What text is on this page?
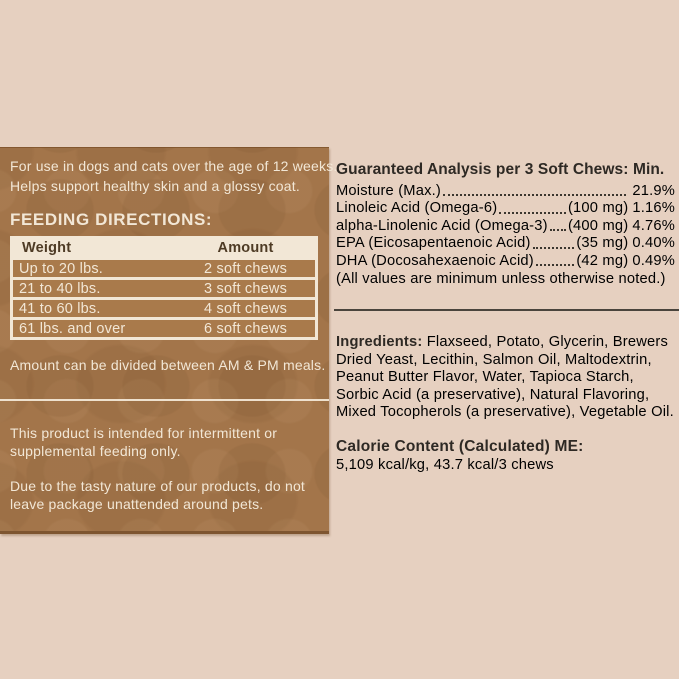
For use in dogs and cats over the age of 12 weeks.
Helps support healthy skin and a glossy coat.
FEEDING DIRECTIONS:
Weight	Amount
Up to 20 lbs.	2 soft chews
21 to 40 lbs.	3 soft chews
41 to 60 lbs.	4 soft chews
61 lbs. and over	6 soft chews
Amount can be divided between AM & PM meals.
This product is intended for intermittent or
supplemental feeding only.
Due to the tasty nature of our products, do not
leave package unattended around pets.
Guaranteed Analysis per 3 Soft Chews: Min.
Moisture (Max.)	21.9%
Linoleic Acid (Omega-6)	(100 mg) 1.16%
alpha-Linolenic Acid (Omega-3) (400 mg) 4.76%
EPA (Eicosapentaenoic Acid)	(35 mg) 0.40%
DHA (Docosahexaenoic Acid)	(42 mg) 0.49%
(All values are minimum unless otherwise noted.)
Ingredients: Flaxseed, Potato, Glycerin, Brewers Dried Yeast, Lecithin, Salmon Oil, Maltodextrin, Peanut Butter Flavor, Water, Tapioca Starch, Sorbic Acid (a preservative), Natural Flavoring, Mixed Tocopherols (a preservative), Vegetable Oil.
Calorie Content (Calculated) ME:
5,109 kcal/kg, 43.7 kcal/3 chews
